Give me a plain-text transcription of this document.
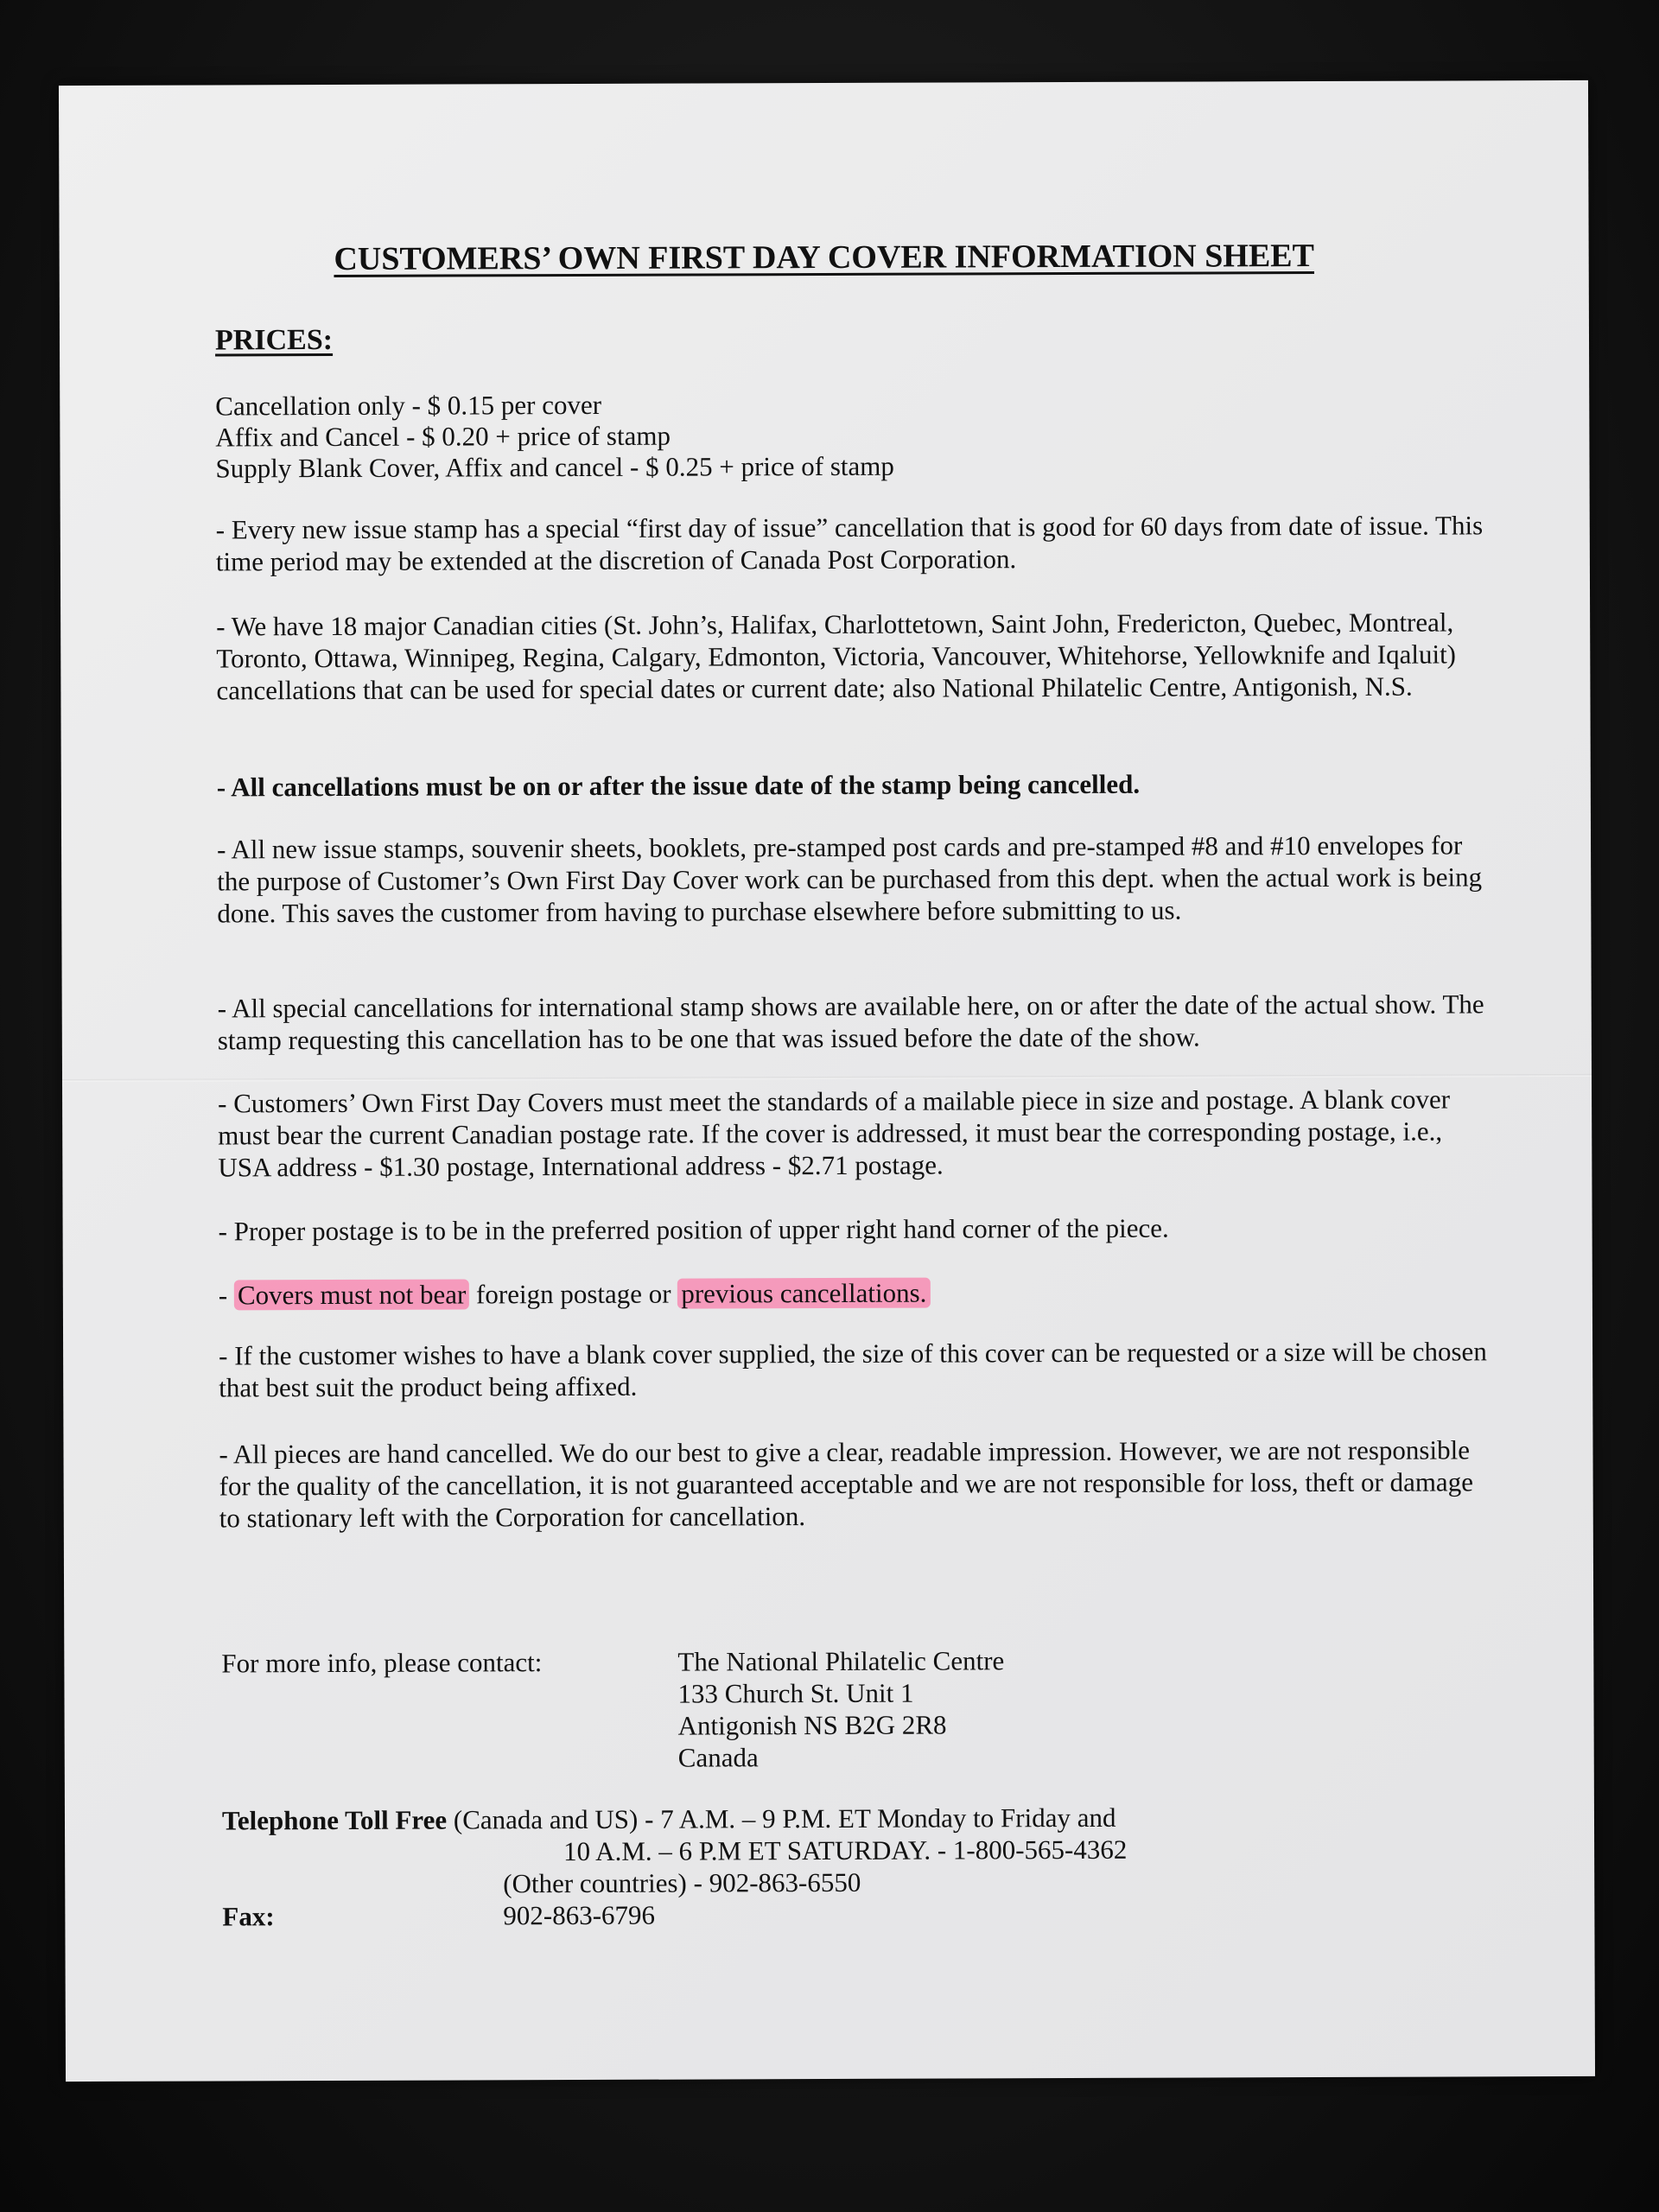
CUSTOMERS’ OWN FIRST DAY COVER INFORMATION SHEET
PRICES:
Cancellation only - $ 0.15 per cover
Affix and Cancel - $ 0.20 + price of stamp
Supply Blank Cover, Affix and cancel - $ 0.25 + price of stamp
- Every new issue stamp has a special “first day of issue” cancellation that is good for 60 days from date of issue. This time period may be extended at the discretion of Canada Post Corporation.
- We have 18 major Canadian cities (St. John’s, Halifax, Charlottetown, Saint John, Fredericton, Quebec, Montreal, Toronto, Ottawa, Winnipeg, Regina, Calgary, Edmonton, Victoria, Vancouver, Whitehorse, Yellowknife and Iqaluit) cancellations that can be used for special dates or current date; also National Philatelic Centre, Antigonish, N.S.
- All cancellations must be on or after the issue date of the stamp being cancelled.
- All new issue stamps, souvenir sheets, booklets, pre-stamped post cards and pre-stamped #8 and #10 envelopes for the purpose of Customer’s Own First Day Cover work can be purchased from this dept. when the actual work is being done. This saves the customer from having to purchase elsewhere before submitting to us.
- All special cancellations for international stamp shows are available here, on or after the date of the actual show. The stamp requesting this cancellation has to be one that was issued before the date of the show.
- Customers’ Own First Day Covers must meet the standards of a mailable piece in size and postage. A blank cover must bear the current Canadian postage rate. If the cover is addressed, it must bear the corresponding postage, i.e., USA address - $1.30 postage, International address - $2.71 postage.
- Proper postage is to be in the preferred position of upper right hand corner of the piece.
- Covers must not bear foreign postage or previous cancellations.
- If the customer wishes to have a blank cover supplied, the size of this cover can be requested or a size will be chosen that best suit the product being affixed.
- All pieces are hand cancelled. We do our best to give a clear, readable impression. However, we are not responsible for the quality of the cancellation, it is not guaranteed acceptable and we are not responsible for loss, theft or damage to stationary left with the Corporation for cancellation.
For more info, please contact:	The National Philatelic Centre
133 Church St. Unit 1
Antigonish NS B2G 2R8
Canada
Telephone Toll Free (Canada and US) - 7 A.M. – 9 P.M. ET Monday to Friday and
10 A.M. – 6 P.M ET SATURDAY. - 1-800-565-4362
(Other countries) - 902-863-6550
Fax:	902-863-6796
